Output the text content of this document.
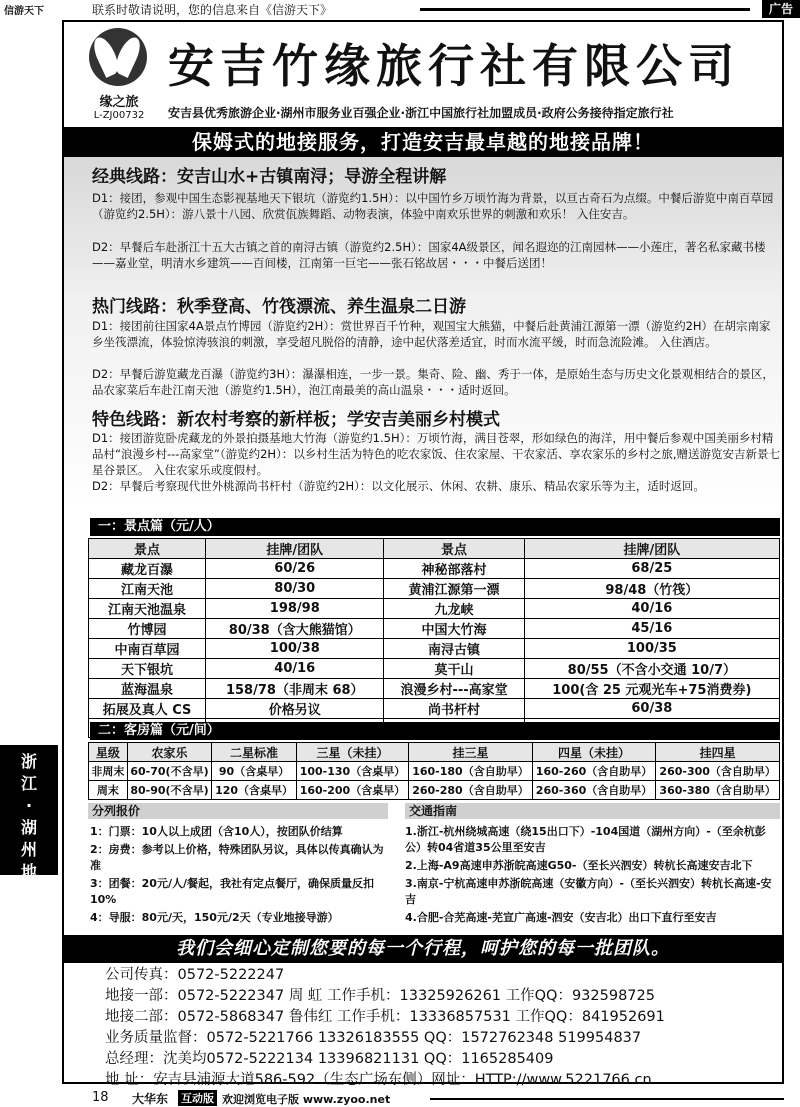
信游天下	联系时敬请说明，您的信息来自《信游天下》	广告
浙
江
·
湖
州
地
区
缘之旅
L-ZJ00732
安吉竹缘旅行社有限公司
安吉县优秀旅游企业·湖州市服务业百强企业·浙江中国旅行社加盟成员·政府公务接待指定旅行社
保姆式的地接服务，打造安吉最卓越的地接品牌！
经典线路：安吉山水+古镇南浔；导游全程讲解
D1：接团，参观中国生态影视基地天下银坑（游览约1.5H）：以中国竹乡万顷竹海为背景，以亘古奇石为点缀。中餐后游览中南百草园（游览约2.5H）：游八景十八园、欣赏佤族舞蹈、动物表演，体验中南欢乐世界的刺激和欢乐！ 入住安吉。
D2：早餐后车赴浙江十五大古镇之首的南浔古镇（游览约2.5H）：国家4A级景区，闻名遐迩的江南园林——小莲庄，著名私家藏书楼——嘉业堂，明清水乡建筑——百间楼，江南第一巨宅——张石铭故居・・・中餐后送团！
热门线路：秋季登高、竹筏漂流、养生温泉二日游
D1：接团前往国家4A景点竹博园（游览约2H）：赏世界百千竹种，观国宝大熊猫，中餐后赴黄浦江源第一漂（游览约2H）在胡宗南家乡坐筏漂流，体验惊涛骇浪的刺激，享受超凡脱俗的清静，途中起伏落差适宜，时而水流平缓，时而急流险滩。 入住酒店。
D2：早餐后游览藏龙百瀑（游览约3H）：瀑瀑相连，一步一景。集奇、险、幽、秀于一体，是原始生态与历史文化景观相结合的景区，品农家菜后车赴江南天池（游览约1.5H），泡江南最美的高山温泉・・・适时返回。
特色线路：新农村考察的新样板；学安吉美丽乡村模式
D1：接团游览卧虎藏龙的外景拍摄基地大竹海（游览约1.5H）：万顷竹海，满目苍翠，形如绿色的海洋，用中餐后参观中国美丽乡村精品村“浪漫乡村---高家堂”（游览约2H）：以乡村生活为特色的吃农家饭、住农家屋、干农家活、享农家乐的乡村之旅,赠送游览安吉新景七星谷景区。 入住农家乐或度假村。
D2：早餐后考察现代世外桃源尚书杆村（游览约2H）：以文化展示、休闲、农耕、康乐、精品农家乐等为主，适时返回。
一：景点篇（元/人）
景点	挂牌/团队	景点	挂牌/团队
藏龙百瀑	60/26	神秘部落村	68/25
江南天池	80/30	黄浦江源第一漂	98/48（竹筏）
江南天池温泉	198/98	九龙峡	40/16
竹博园	80/38（含大熊猫馆）	中国大竹海	45/16
中南百草园	100/38	南浔古镇	100/35
天下银坑	40/16	莫干山	80/55（不含小交通 10/7）
蓝海温泉	158/78（非周末 68）	浪漫乡村---高家堂	100(含 25 元观光车+75消费券)
拓展及真人 CS	价格另议	尚书杆村	60/38

二：客房篇（元/间）
星级	农家乐	二星标准	三星（未挂）	挂三星	四星（未挂）	挂四星
非周末	60-70(不含早)	90（含桌早）	100-130（含桌早）	160-180（含自助早）	160-260（含自助早）	260-300（含自助早）
周末	80-90(不含早)	120（含桌早）	160-200（含桌早）	260-280（含自助早）	260-360（含自助早）	360-380（含自助早）
分列报价	交通指南
1：门票：10人以上成团（含10人），按团队价结算
2：房费：参考以上价格，特殊团队另议，具体以传真确认为准
3：团餐：20元/人/餐起，我社有定点餐厅，确保质量反扣10%
4：导服：80元/天，150元/2天（专业地接导游）
1.浙江-杭州绕城高速（绕15出口下）-104国道（湖州方向）-（至余杭彭公）转04省道35公里至安吉
2.上海-A9高速申苏浙皖高速G50-（至长兴泗安）转杭长高速安吉北下
3.南京-宁杭高速申苏浙皖高速（安徽方向）-（至长兴泗安）转杭长高速-安吉
4.合肥-合芜高速-芜宣广高速-泗安（安吉北）出口下直行至安吉
我们会细心定制您要的每一个行程，呵护您的每一批团队。
公司传真：0572-5222247
地接一部：0572-5222347 周 虹 工作手机：13325926261 工作QQ：932598725
地接二部：0572-5868347 鲁伟红 工作手机：13336857531 工作QQ：841952691
业务质量监督：0572-5221766 13326183555 QQ：1572762348 519954837
总经理：沈美均0572-5222134 13396821131 QQ：1165285409
地 址：安吉县浦源大道586-592（生态广场东侧）网址：HTTP://www.5221766.cn
18 大华东 互动版 欢迎浏览电子版 www.zyoo.net
